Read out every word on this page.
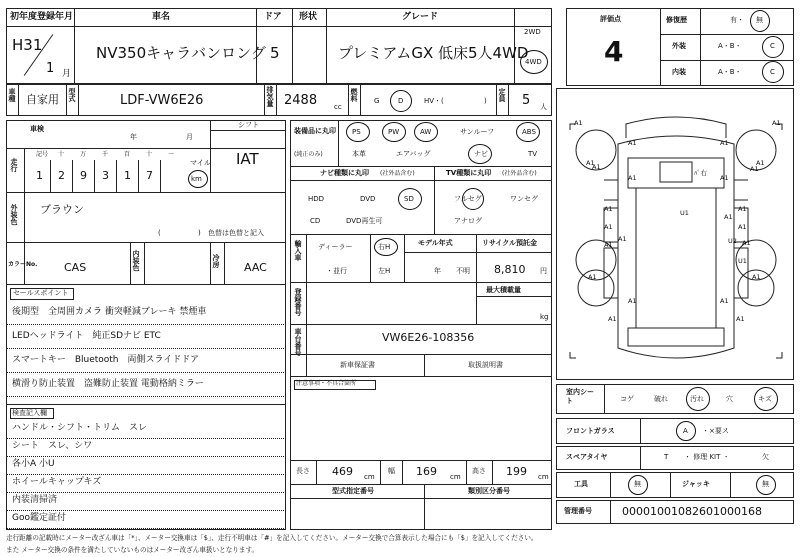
初年度登録年月	車名	ドア 形状	グレード
H31
1 月
NV350キャラバンロング 5	プレミアムGX 低床5人4WD
2WD
4WD
車種 自家用 型式	LDF-VW6E26	排気量 2488 cc
燃料 G	D	HV・(	) 定員 5 人
車検
年	月
シフト
IAT
走行
記号 十	万	千	百	十	一
1 2 9 3 1 7
マイル
km
外装色 ブラウン
(	) 色替は色替と記入
カラーNo. CAS	内装色	冷房 AAC
セールスポイント
後期型　全周囲カメラ 衝突軽減ブレーキ 禁煙車
LEDヘッドライト　純正SDナビ ETC
スマートキー　Bluetooth　両側スライドドア
横滑り防止装置　盗難防止装置 電動格納ミラー
検査記入欄
ハンドル・シフト・トリム　スレ
シート　スレ、シワ
各小A 小U
ホイールキャップキズ
内装清掃済
Goo鑑定証付
装備品に丸印
(純正のみ)
PS	PW	AW	サンルーフ	ABS
本革	エアバッグ	ナビ	TV
ナビ種類に丸印 (社外品含む)	TV種類に丸印 (社外品含む)
HDD	DVD	SD
CD	DVD再生可
フルセグ	ワンセグ
アナログ
輸入車 ディーラー
・並行
右H
左H
モデル年式
年 不明
リサイクル預託金
8,810 円
登録番号	最大積載量
kg
車台番号	VW6E26-108356
新車保証書	取扱説明書
注意事項・不具合箇所
長さ 469 cm
幅 169 cm
高さ 199 cm
型式指定番号	類別区分番号
評価点
4
修復歴	有・ 無
外装	A・B・	C
内装	A・B・	C
A1	A1
A1	A1
A1	A1
A1	A1
A1	A1
A1	A1
A1
U1
U2
U1
A1	A1
A1	A1
A1	A1
A1	A1
A1
A1
A1
ﾊﾟ右
室内シート	コゲ	破れ	汚れ	穴	キズ
フロントガラス	A ・×要ス
スペアタイヤ	T ・ 修理 KIT ・	欠
工具	無	ジャッキ	無
管理番号	00001001082601000168
走行距離の記載時にメーター改ざん車は「*」、メーター交換車は「$」、走行不明車は「#」を記入してください。メーター交換で合算表示した場合にも「$」を記入してください。
また メーター交換の条件を満たしていないものはメーター改ざん車扱いとなります。
